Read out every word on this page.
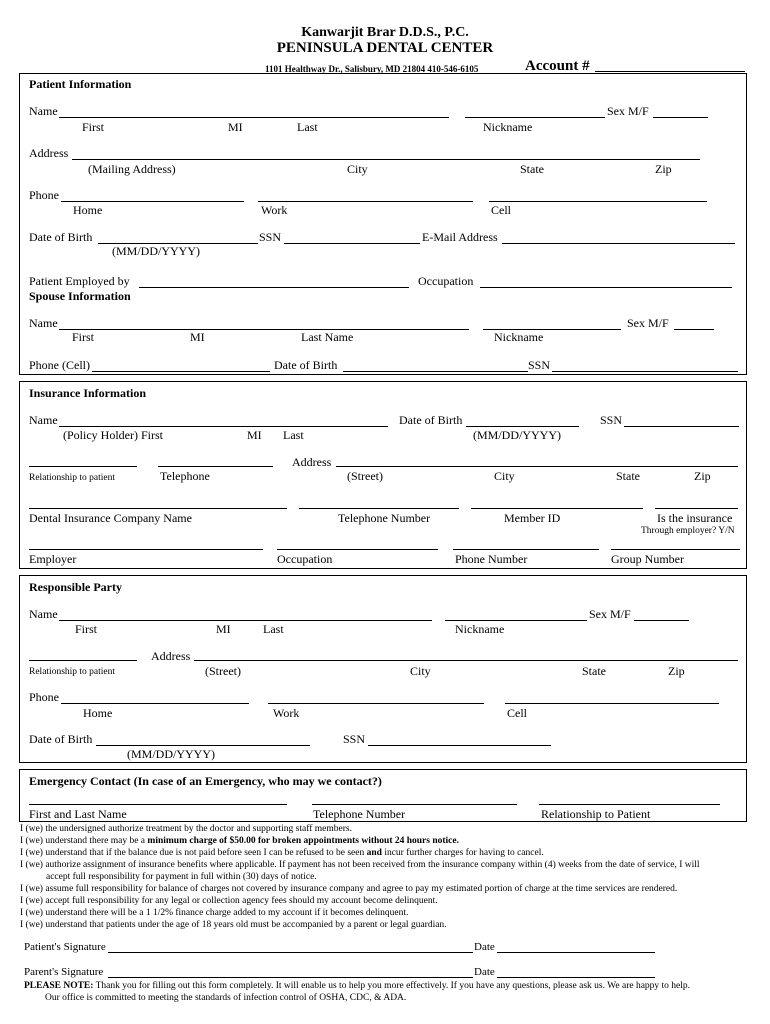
Kanwarjit Brar D.D.S., P.C.
PENINSULA DENTAL CENTER
1101 Healthway Dr., Salisbury, MD 21804 410-546-6105	Account #
Patient Information
Name	Sex M/F
First	MI	Last	Nickname
Address
(Mailing Address)	City	State	Zip
Phone
Home	Work	Cell
Date of Birth	SSN	E-Mail Address
(MM/DD/YYYY)
Patient Employed by	Occupation
Spouse Information
Name	Sex M/F
First	MI	Last Name	Nickname
Phone (Cell)	Date of Birth	SSN
Insurance Information
Name	Date of Birth	SSN
(Policy Holder) First	MI Last	(MM/DD/YYYY)
Address
Relationship to patient	Telephone	(Street)	City	State	Zip
Dental Insurance Company Name	Telephone Number	Member ID	Is the insurance
Through employer? Y/N
Employer	Occupation	Phone Number	Group Number
Responsible Party
Name	Sex M/F
First	MI	Last	Nickname
Address
Relationship to patient	(Street)	City	State	Zip
Phone
Home	Work	Cell
Date of Birth	SSN
(MM/DD/YYYY)
Emergency Contact (In case of an Emergency, who may we contact?)
First and Last Name	Telephone Number	Relationship to Patient
I (we) the undersigned authorize treatment by the doctor and supporting staff members.
I (we) understand there may be a minimum charge of $50.00 for broken appointments without 24 hours notice.
I (we) understand that if the balance due is not paid before seen I can be refused to be seen and incur further charges for having to cancel.
I (we) authorize assignment of insurance benefits where applicable. If payment has not been received from the insurance company within (4) weeks from the date of service, I will
accept full responsibility for payment in full within (30) days of notice.
I (we) assume full responsibility for balance of charges not covered by insurance company and agree to pay my estimated portion of charge at the time services are rendered.
I (we) accept full responsibility for any legal or collection agency fees should my account become delinquent.
I (we) understand there will be a 1 1/2% finance charge added to my account if it becomes delinquent.
I (we) understand that patients under the age of 18 years old must be accompanied by a parent or legal guardian.
Patient's Signature	Date
Parent's Signature	Date
PLEASE NOTE: Thank you for filling out this form completely. It will enable us to help you more effectively. If you have any questions, please ask us. We are happy to help.
Our office is committed to meeting the standards of infection control of OSHA, CDC, & ADA.
